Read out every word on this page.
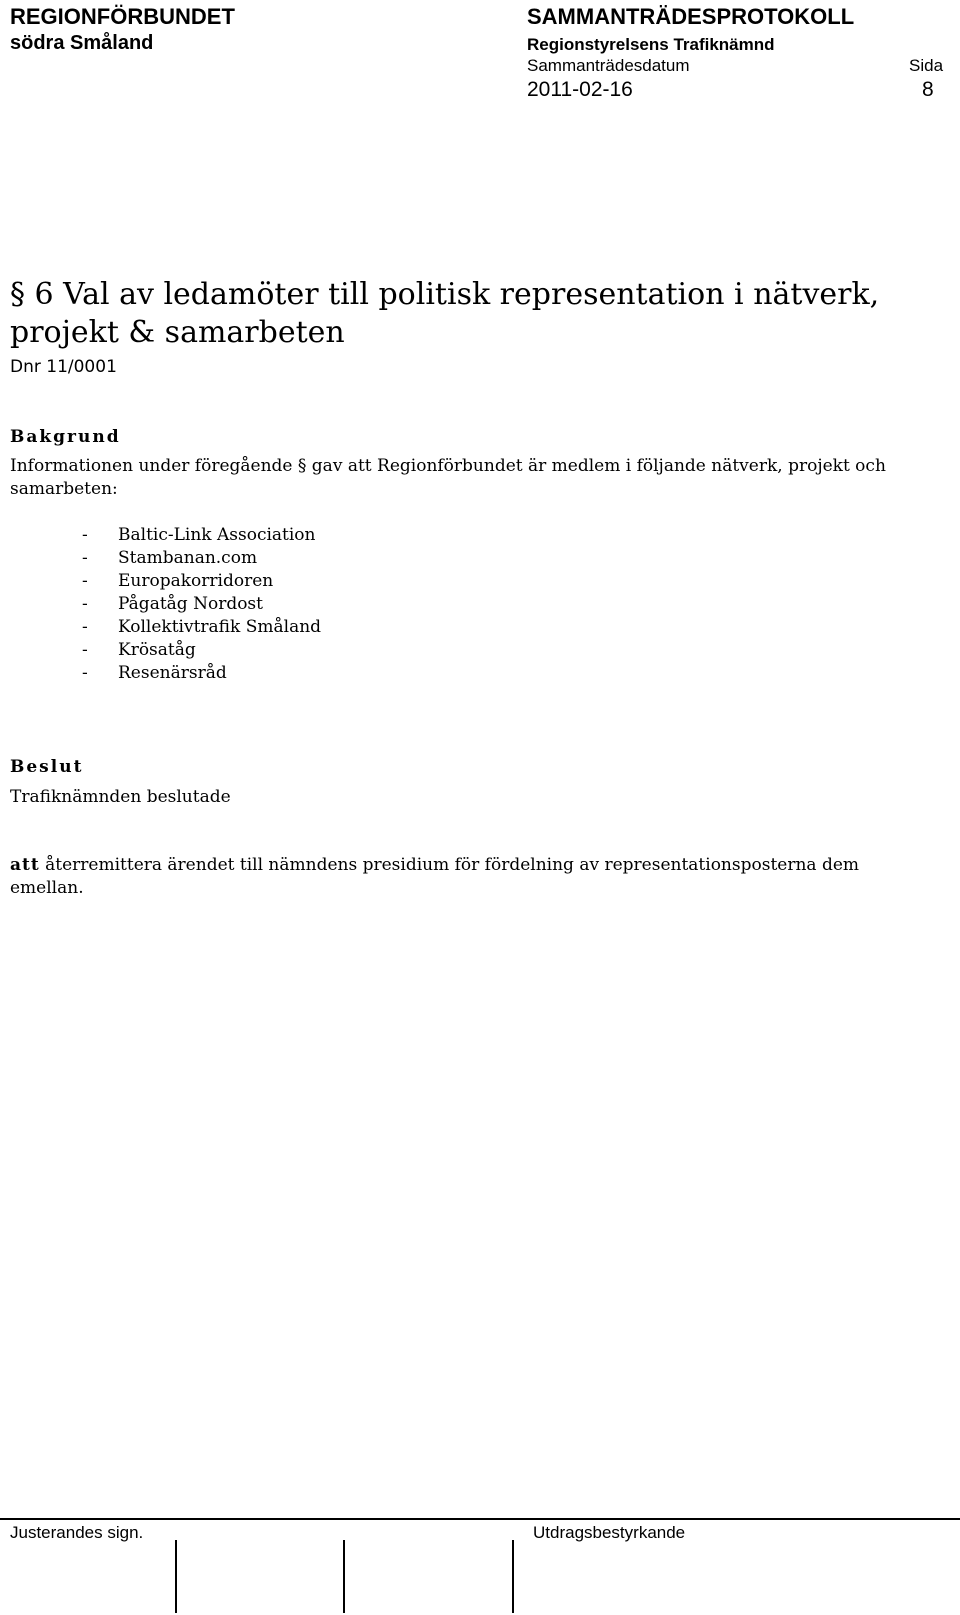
REGIONFÖRBUNDET
södra Småland
SAMMANTRÄDESPROTOKOLL
Regionstyrelsens Trafiknämnd
Sammanträdesdatum	Sida
2011-02-16	8
§ 6 Val av ledamöter till politisk representation i nätverk, projekt & samarbeten
Dnr 11/0001
Bakgrund
Informationen under föregående § gav att Regionförbundet är medlem i följande nätverk, projekt och samarbeten:
-	Baltic-Link Association
-	Stambanan.com
-	Europakorridoren
-	Pågatåg Nordost
-	Kollektivtrafik Småland
-	Krösatåg
-	Resenärsråd
Beslut
Trafiknämnden beslutade
att återremittera ärendet till nämndens presidium för fördelning av representationsposterna dem emellan.
Justerandes sign.	Utdragsbestyrkande
